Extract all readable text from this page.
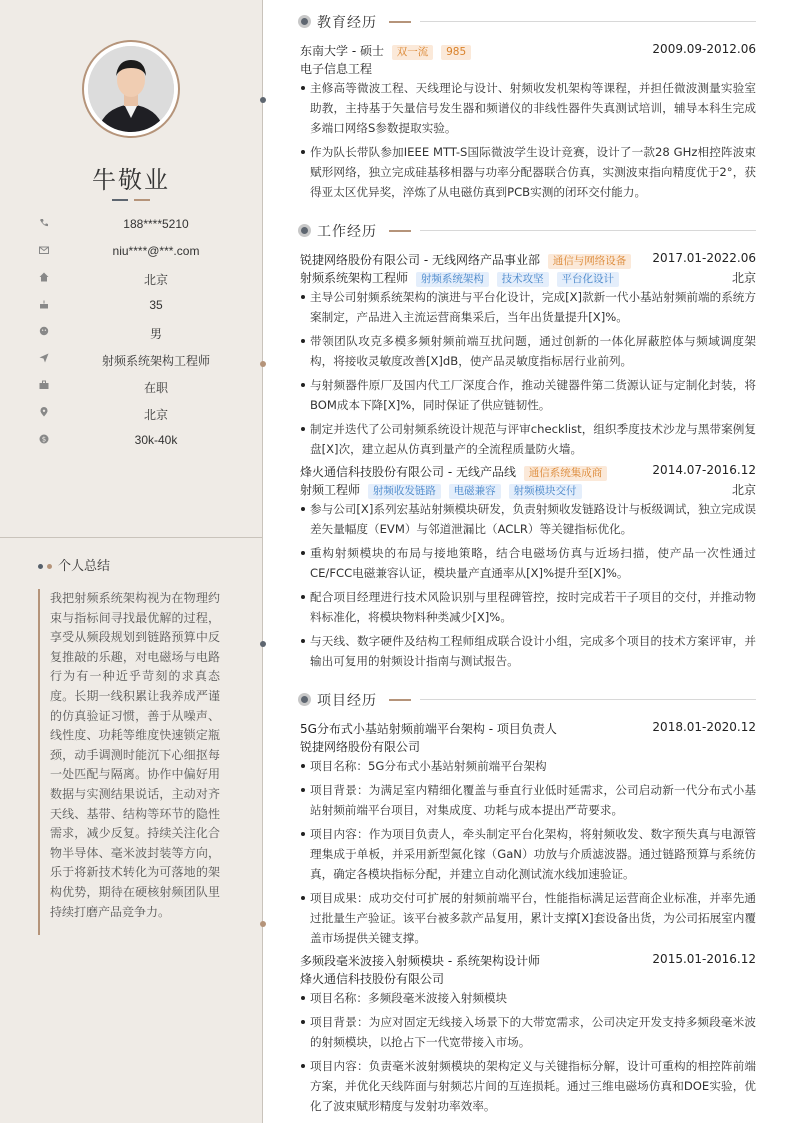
牛敬业
188****5210
niu****@***.com
北京
35
男
射频系统架构工程师
在职
北京
$	30k-40k
个人总结
我把射频系统架构视为在物理约束与指标间寻找最优解的过程，享受从频段规划到链路预算中反复推敲的乐趣，对电磁场与电路行为有一种近乎苛刻的求真态度。长期一线积累让我养成严谨的仿真验证习惯，善于从噪声、线性度、功耗等维度快速锁定瓶颈，动手调测时能沉下心细抠每一处匹配与隔离。协作中偏好用数据与实测结果说话，主动对齐天线、基带、结构等环节的隐性需求，减少反复。持续关注化合物半导体、毫米波封装等方向，乐于将新技术转化为可落地的架构优势，期待在硬核射频团队里持续打磨产品竞争力。
教育经历
东南大学 - 硕士 双一流 985	2009.09-2012.06
电子信息工程
主修高等微波工程、天线理论与设计、射频收发机架构等课程，并担任微波测量实验室助教，主持基于矢量信号发生器和频谱仪的非线性器件失真测试培训，辅导本科生完成多端口网络S参数提取实验。
作为队长带队参加IEEE MTT-S国际微波学生设计竞赛，设计了一款28 GHz相控阵波束赋形网络，独立完成硅基移相器与功率分配器联合仿真，实测波束指向精度优于2°，获得亚太区优异奖，淬炼了从电磁仿真到PCB实测的闭环交付能力。
工作经历
锐捷网络股份有限公司 - 无线网络产品事业部 通信与网络设备 2017.01-2022.06
射频系统架构工程师 射频系统架构 技术攻坚 平台化设计	北京
主导公司射频系统架构的演进与平台化设计，完成[X]款新一代小基站射频前端的系统方案制定，产品进入主流运营商集采后，当年出货量提升[X]%。
带领团队攻克多模多频射频前端互扰问题，通过创新的一体化屏蔽腔体与频域调度架构，将接收灵敏度改善[X]dB，使产品灵敏度指标居行业前列。
与射频器件原厂及国内代工厂深度合作，推动关键器件第二货源认证与定制化封装，将BOM成本下降[X]%，同时保证了供应链韧性。
制定并迭代了公司射频系统设计规范与评审checklist，组织季度技术沙龙与黑带案例复盘[X]次，建立起从仿真到量产的全流程质量防火墙。
烽火通信科技股份有限公司 - 无线产品线 通信系统集成商	2014.07-2016.12
射频工程师 射频收发链路 电磁兼容 射频模块交付	北京
参与公司[X]系列宏基站射频模块研发，负责射频收发链路设计与板级调试，独立完成误差矢量幅度（EVM）与邻道泄漏比（ACLR）等关键指标优化。
重构射频模块的布局与接地策略，结合电磁场仿真与近场扫描，使产品一次性通过CE/FCC电磁兼容认证，模块量产直通率从[X]%提升至[X]%。
配合项目经理进行技术风险识别与里程碑管控，按时完成若干子项目的交付，并推动物料标准化，将模块物料种类减少[X]%。
与天线、数字硬件及结构工程师组成联合设计小组，完成多个项目的技术方案评审，并输出可复用的射频设计指南与测试报告。
项目经历
5G分布式小基站射频前端平台架构 - 项目负责人	2018.01-2020.12
锐捷网络股份有限公司
项目名称：5G分布式小基站射频前端平台架构
项目背景：为满足室内精细化覆盖与垂直行业低时延需求，公司启动新一代分布式小基站射频前端平台项目，对集成度、功耗与成本提出严苛要求。
项目内容：作为项目负责人，牵头制定平台化架构，将射频收发、数字预失真与电源管理集成于单板，并采用新型氮化镓（GaN）功放与介质滤波器。通过链路预算与系统仿真，确定各模块指标分配，并建立自动化测试流水线加速验证。
项目成果：成功交付可扩展的射频前端平台，性能指标满足运营商企业标准，并率先通过批量生产验证。该平台被多款产品复用，累计支撑[X]套设备出货，为公司拓展室内覆盖市场提供关键支撑。
多频段毫米波接入射频模块 - 系统架构设计师	2015.01-2016.12
烽火通信科技股份有限公司
项目名称：多频段毫米波接入射频模块
项目背景：为应对固定无线接入场景下的大带宽需求，公司决定开发支持多频段毫米波的射频模块，以抢占下一代宽带接入市场。
项目内容：负责毫米波射频模块的架构定义与关键指标分解，设计可重构的相控阵前端方案，并优化天线阵面与射频芯片间的互连损耗。通过三维电磁场仿真和DOE实验，优化了波束赋形精度与发射功率效率。
